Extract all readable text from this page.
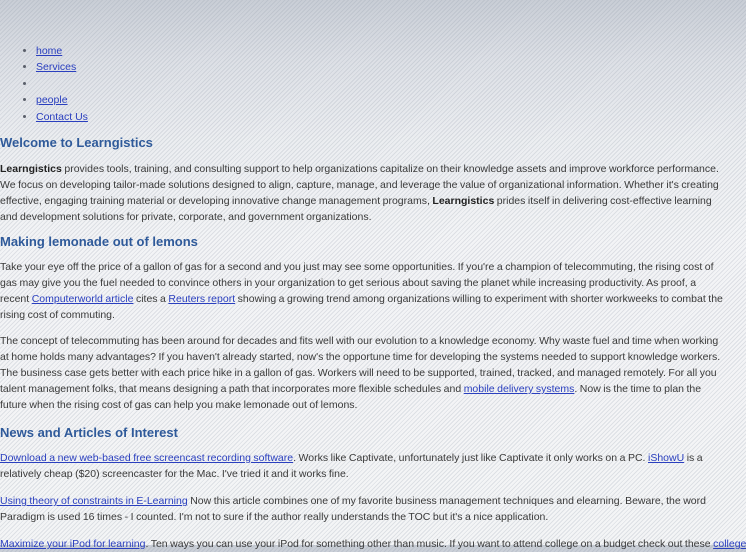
• home
• Services
•
• people
• Contact Us
Welcome to Learngistics

Learngistics provides tools, training, and consulting support to help organizations capitalize on their knowledge assets and improve workforce performance. We focus on developing tailor-made solutions designed to align, capture, manage, and leverage the value of organizational information. Whether it's creating effective, engaging training material or developing innovative change management programs, Learngistics prides itself in delivering cost-effective learning and development solutions for private, corporate, and government organizations.

Making lemonade out of lemons

Take your eye off the price of a gallon of gas for a second and you just may see some opportunities. If you're a champion of telecommuting, the rising cost of gas may give you the fuel needed to convince others in your organization to get serious about saving the planet while increasing productivity. As proof, a recent Computerworld article cites a Reuters report showing a growing trend among organizations willing to experiment with shorter workweeks to combat the rising cost of commuting.

The concept of telecommuting has been around for decades and fits well with our evolution to a knowledge economy. Why waste fuel and time when working at home holds many advantages? If you haven't already started, now's the opportune time for developing the systems needed to support knowledge workers. The business case gets better with each price hike in a gallon of gas. Workers will need to be supported, trained, tracked, and managed remotely. For all you talent management folks, that means designing a path that incorporates more flexible schedules and mobile delivery systems. Now is the time to plan the future when the rising cost of gas can help you make lemonade out of lemons.

News and Articles of Interest

Download a new web-based free screencast recording software. Works like Captivate, unfortunately just like Captivate it only works on a PC. iShowU is a relatively cheap ($20) screencaster for the Mac. I've tried it and it works fine.

Using theory of constraints in E-Learning Now this article combines one of my favorite business management techniques and elearning. Beware, the word Paradigm is used 16 times - I counted. I'm not to sure if the author really understands the TOC but it's a nice application.

Maximize your iPod for learning. Ten ways you can use your iPod for something other than music. If you want to attend college on a budget check out these college
